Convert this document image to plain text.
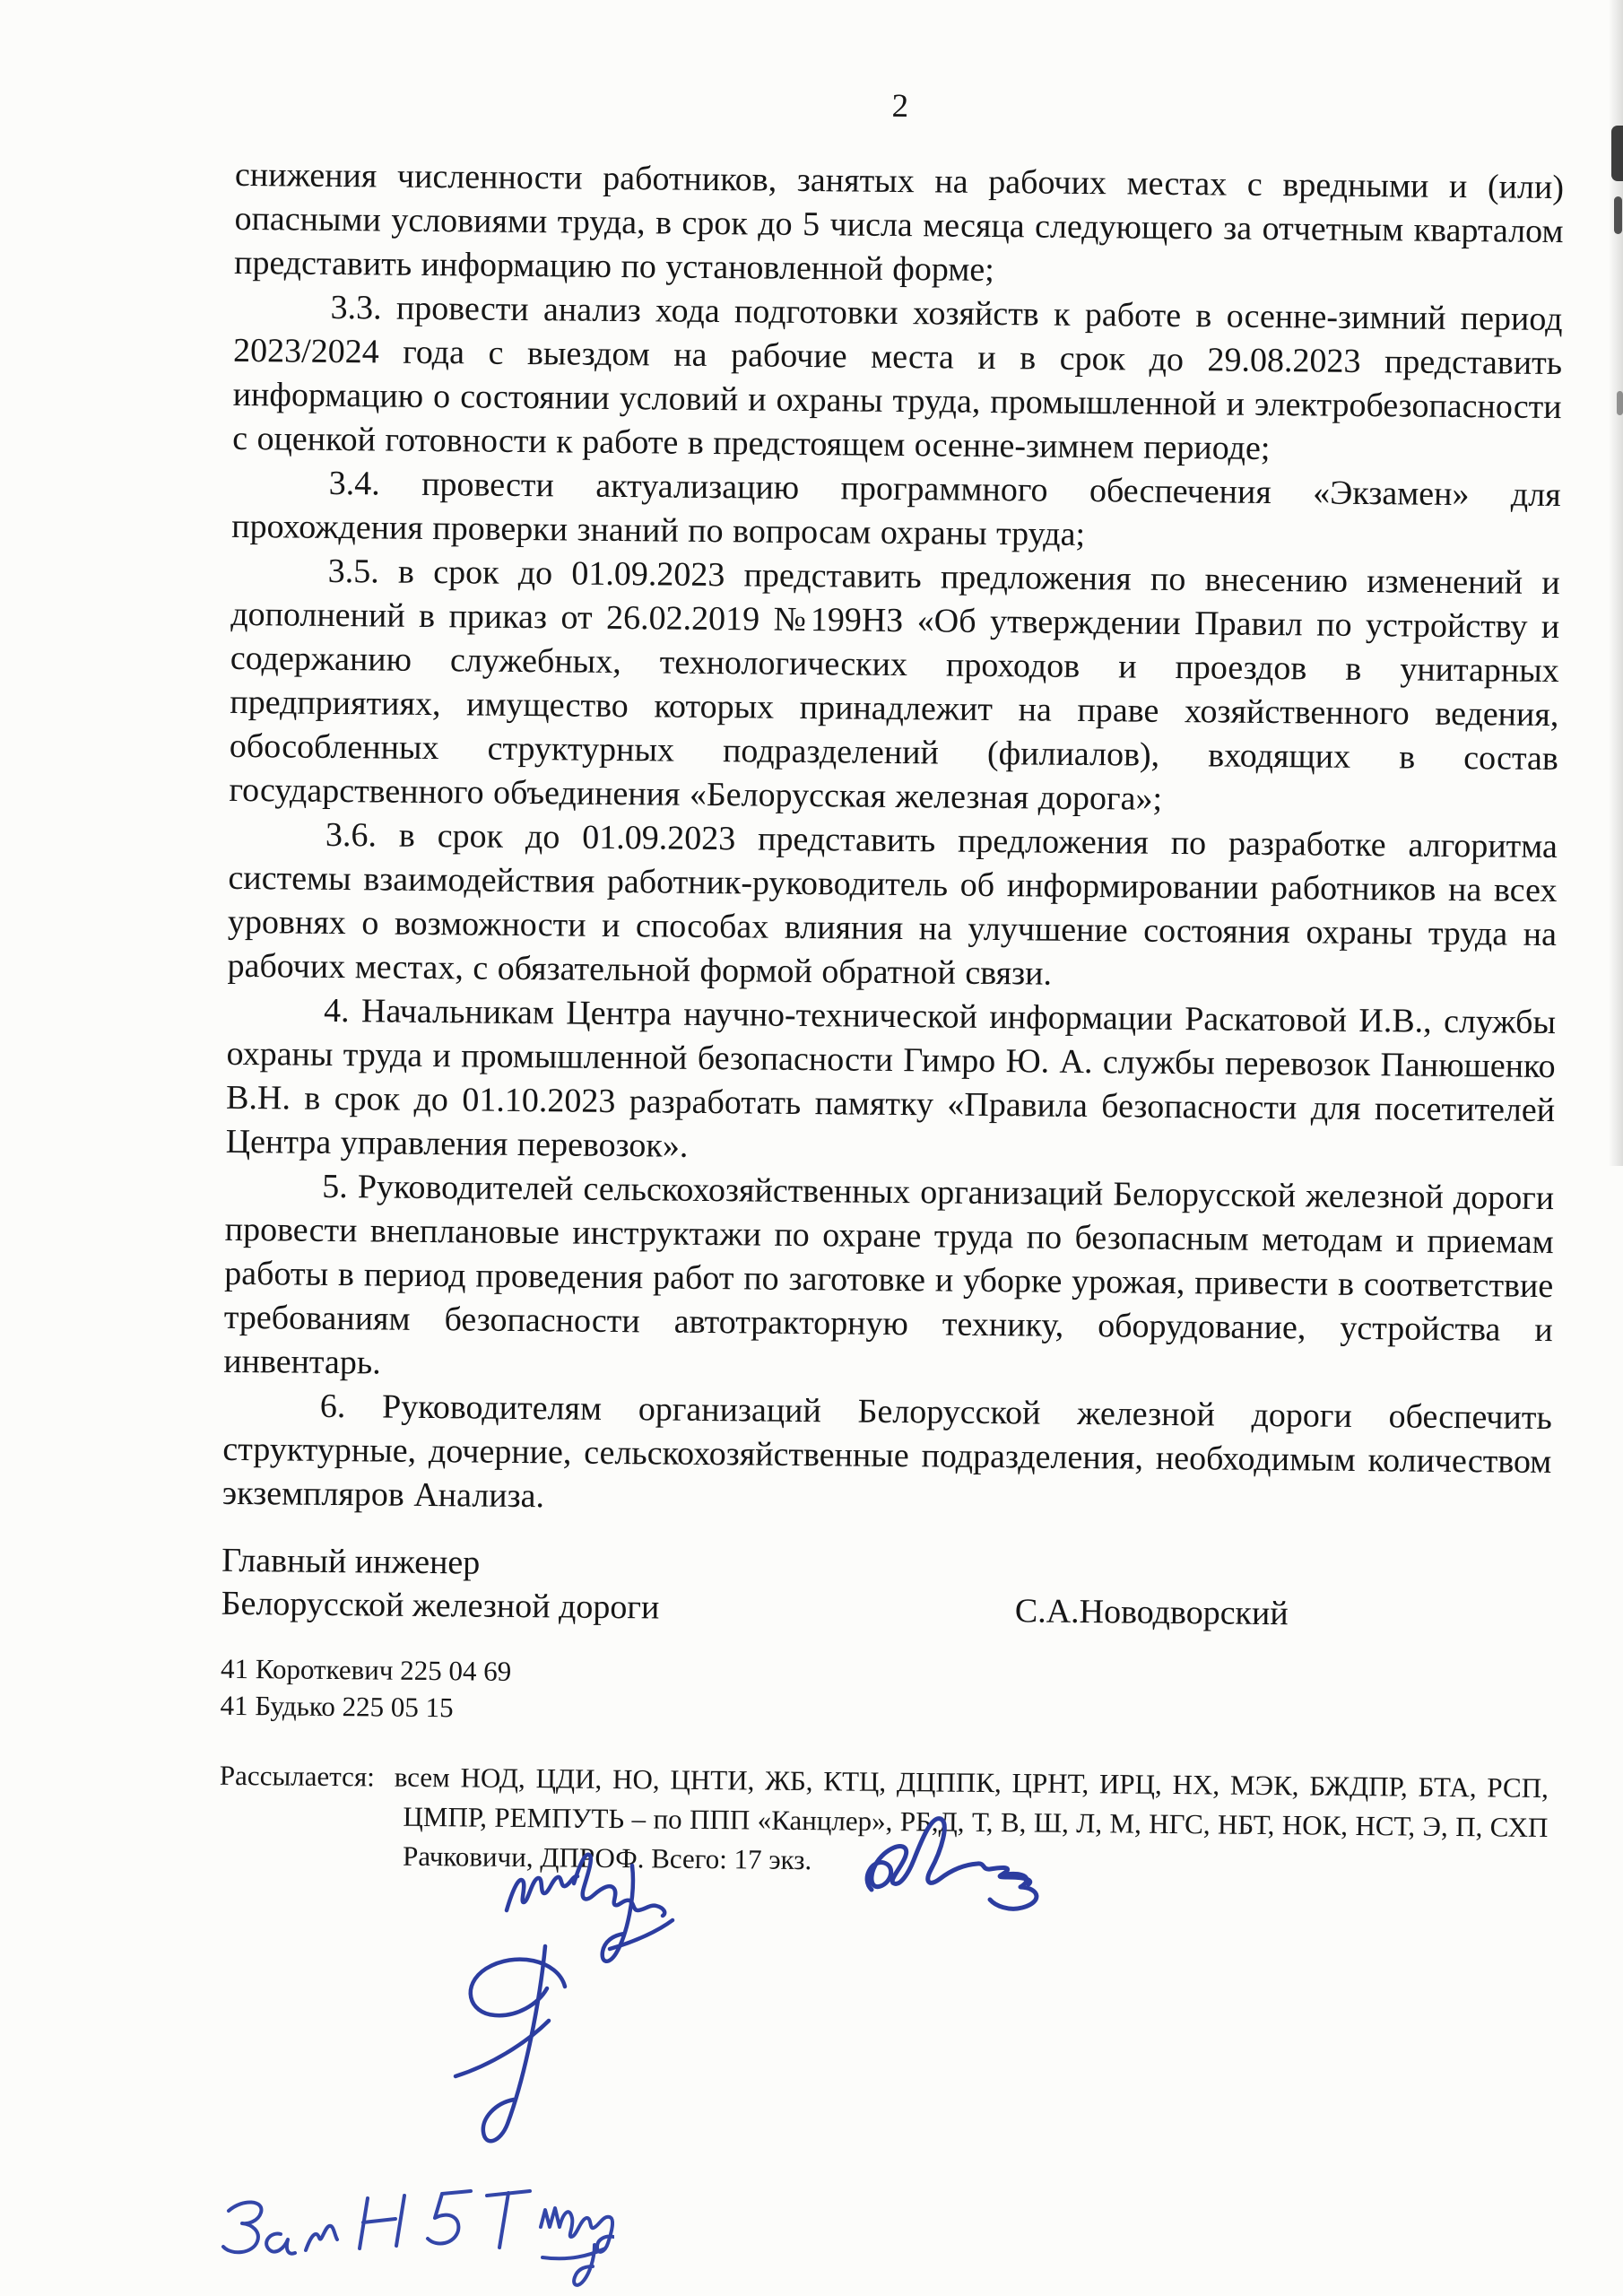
2

снижения численности работников, занятых на рабочих местах с вредными и (или) опасными условиями труда, в срок до 5 числа месяца следующего за отчетным кварталом представить информацию по установленной форме;

3.3. провести анализ хода подготовки хозяйств к работе в осенне-зимний период 2023/2024 года с выездом на рабочие места и в срок до 29.08.2023 представить информацию о состоянии условий и охраны труда, промышленной и электробезопасности с оценкой готовности к работе в предстоящем осенне-зимнем периоде;

3.4. провести актуализацию программного обеспечения «Экзамен» для прохождения проверки знаний по вопросам охраны труда;

3.5. в срок до 01.09.2023 представить предложения по внесению изменений и дополнений в приказ от 26.02.2019 №199НЗ «Об утверждении Правил по устройству и содержанию служебных, технологических проходов и проездов в унитарных предприятиях, имущество которых принадлежит на праве хозяйственного ведения, обособленных структурных подразделений (филиалов), входящих в состав государственного объединения «Белорусская железная дорога»;

3.6. в срок до 01.09.2023 представить предложения по разработке алгоритма системы взаимодействия работник-руководитель об информировании работников на всех уровнях о возможности и способах влияния на улучшение состояния охраны труда на рабочих местах, с обязательной формой обратной связи.

4. Начальникам Центра научно-технической информации Раскатовой И.В., службы охраны труда и промышленной безопасности Гимро Ю. А. службы перевозок Панюшенко В.Н. в срок до 01.10.2023 разработать памятку «Правила безопасности для посетителей Центра управления перевозок».

5. Руководителей сельскохозяйственных организаций Белорусской железной дороги провести внеплановые инструктажи по охране труда по безопасным методам и приемам работы в период проведения работ по заготовке и уборке урожая, привести в соответствие требованиям безопасности автотракторную технику, оборудование, устройства и инвентарь.

6. Руководителям организаций Белорусской железной дороги обеспечить структурные, дочерние, сельскохозяйственные подразделения, необходимым количеством экземпляров Анализа.

Главный инженер
Белорусской железной дороги	С.А.Новодворский
41 Короткевич 225 04 69
41 Будько 225 05 15
Рассылается: всем НОД, ЦДИ, НО, ЦНТИ, ЖБ, КТЦ, ДЦППК, ЦРНТ, ИРЦ, НХ, МЭК, БЖДПР, БТА, РСП, ЦМПР, РЕМПУТЬ – по ППП «Канцлер», РБ,Д, Т, В, Ш, Л, М, НГС, НБТ, НОК, НСТ, Э, П, СХП Рачковичи, ДПРОФ. Всего: 17 экз.
